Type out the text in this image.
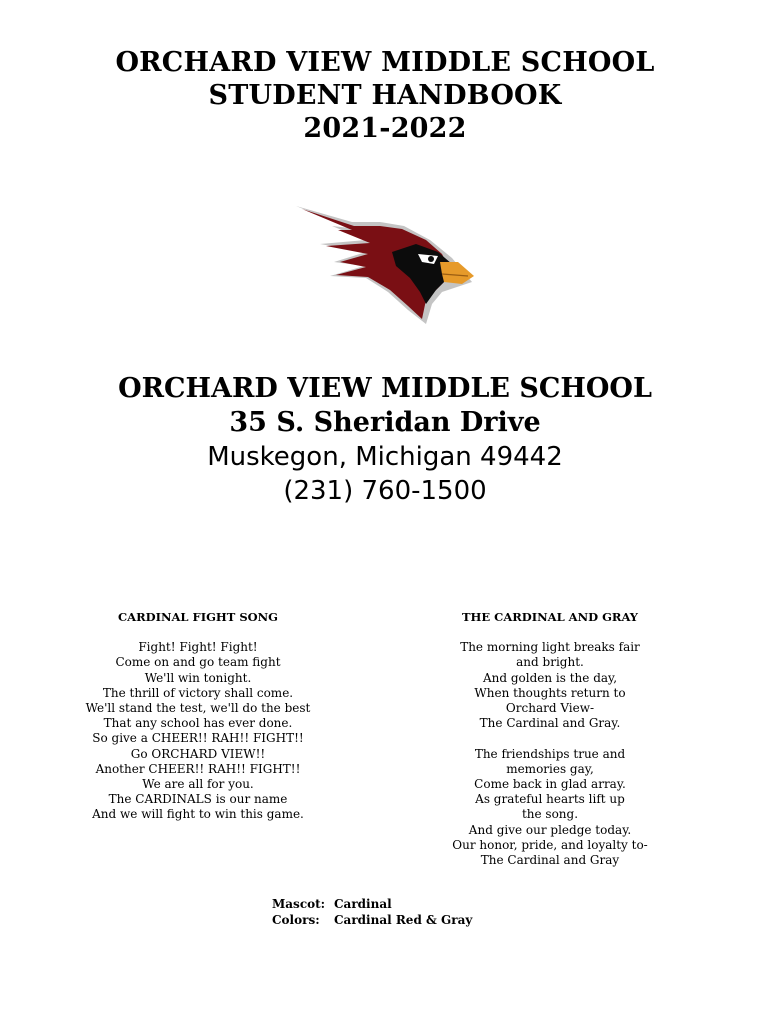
ORCHARD VIEW MIDDLE SCHOOL
STUDENT HANDBOOK
2021-2022
ORCHARD VIEW MIDDLE SCHOOL
35 S. Sheridan Drive
Muskegon, Michigan 49442
(231) 760-1500
CARDINAL FIGHT SONG
Fight! Fight! Fight!
Come on and go team fight
We'll win tonight.
The thrill of victory shall come.
We'll stand the test, we'll do the best
That any school has ever done.
So give a CHEER!! RAH!! FIGHT!!
Go ORCHARD VIEW!!
Another CHEER!! RAH!! FIGHT!!
We are all for you.
The CARDINALS is our name
And we will fight to win this game.
THE CARDINAL AND GRAY
The morning light breaks fair
and bright.
And golden is the day,
When thoughts return to
Orchard View-
The Cardinal and Gray.
The friendships true and
memories gay,
Come back in glad array.
As grateful hearts lift up
the song.
And give our pledge today.
Our honor, pride, and loyalty to-
The Cardinal and Gray
Mascot: Cardinal
Colors:	Cardinal Red & Gray
